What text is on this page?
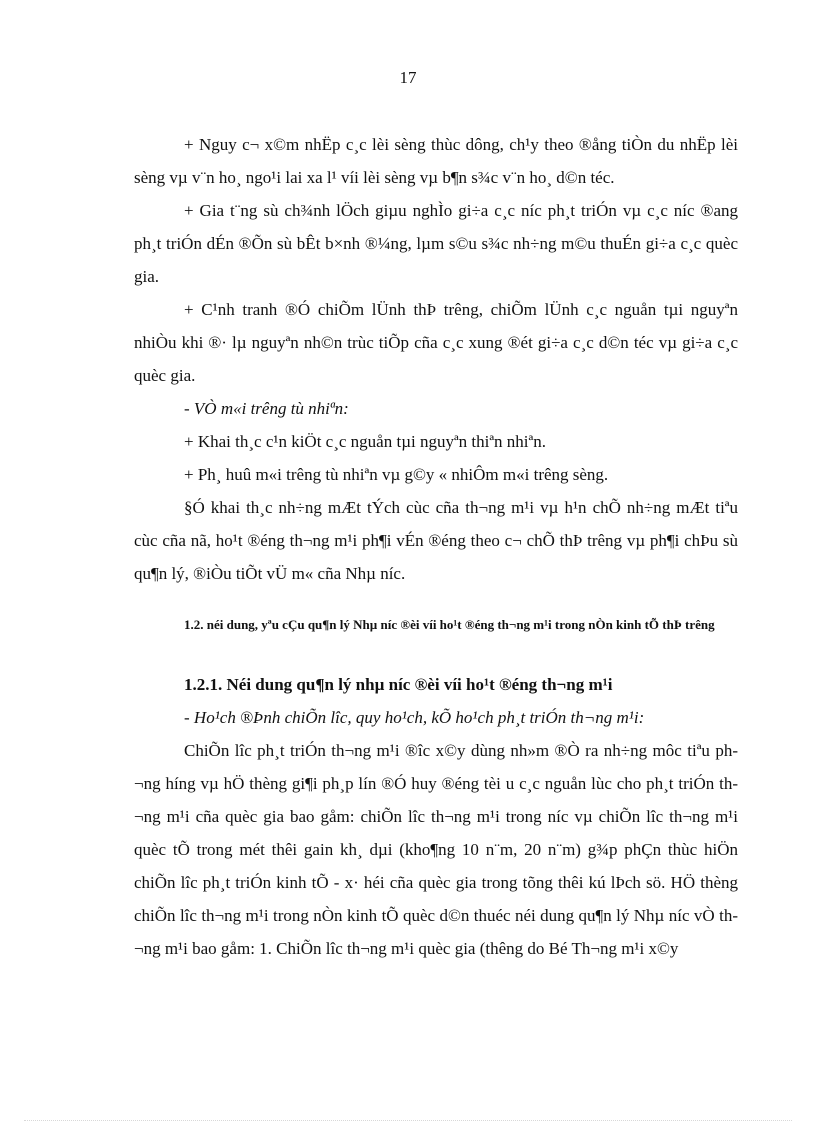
17

+ Nguy c¬ x©m nhËp c¸c lèi sèng thùc dông, ch¹y theo ®ång tiÒn du nhËp lèi sèng vµ v¨n ho¸ ngo¹i lai xa l¹ víi lèi sèng vµ b¶n s¾c v¨n ho¸ d©n téc.

+ Gia t¨ng sù ch¾nh lÖch giµu nghÌo gi÷a c¸c níc ph¸t triÓn vµ c¸c níc ®ang ph¸t triÓn dÉn ®Õn sù bÊt b×nh ®¼ng, lµm s©u s¾c nh÷ng m©u thuÉn gi÷a c¸c quèc gia.

+ C¹nh tranh ®Ó chiÕm lÜnh thÞ trêng, chiÕm lÜnh c¸c nguån tµi nguyªn nhiÒu khi ®· lµ nguyªn nh©n trùc tiÕp cña c¸c xung ®ét gi÷a c¸c d©n téc vµ gi÷a c¸c quèc gia.

- VÒ m«i trêng tù nhiªn:

+ Khai th¸c c¹n kiÖt c¸c nguån tµi nguyªn thiªn nhiªn.

+ Ph¸ huû m«i trêng tù nhiªn vµ g©y « nhiÔm m«i trêng sèng.

§Ó khai th¸c nh÷ng mÆt tÝch cùc cña th¬ng m¹i vµ h¹n chÕ nh÷ng mÆt tiªu cùc cña nã, ho¹t ®éng th¬ng m¹i ph¶i vÉn ®éng theo c¬ chÕ thÞ trêng vµ ph¶i chÞu sù qu¶n lý, ®iÒu tiÕt vÜ m« cña Nhµ níc.

1.2. néi dung, yªu cÇu qu¶n lý Nhµ níc ®èi víi ho¹t ®éng th¬ng m¹i trong nÒn kinh tÕ thÞ trêng

1.2.1. Néi dung qu¶n lý nhµ níc ®èi víi ho¹t ®éng th¬ng m¹i

- Ho¹ch ®Þnh chiÕn lîc, quy ho¹ch, kÕ ho¹ch ph¸t triÓn th¬ng m¹i:

ChiÕn lîc ph¸t triÓn th¬ng m¹i ®îc x©y dùng nh»m ®Ò ra nh÷ng môc tiªu ph¬ng híng vµ hÖ thèng gi¶i ph¸p lín ®Ó huy ®éng tèi u c¸c nguån lùc cho ph¸t triÓn th¬ng m¹i cña quèc gia bao gåm: chiÕn lîc th¬ng m¹i trong níc vµ chiÕn lîc th¬ng m¹i quèc tÕ trong mét thêi gain kh¸ dµi (kho¶ng 10 n¨m, 20 n¨m) g¾p phÇn thùc hiÖn chiÕn lîc ph¸t triÓn kinh tÕ - x· héi cña quèc gia trong tõng thêi kú lÞch sö. HÖ thèng chiÕn lîc th¬ng m¹i trong nÒn kinh tÕ quèc d©n thuéc néi dung qu¶n lý Nhµ níc vÒ th¬ng m¹i bao gåm: 1. ChiÕn lîc th¬ng m¹i quèc gia (thêng do Bé Th¬ng m¹i x©y
